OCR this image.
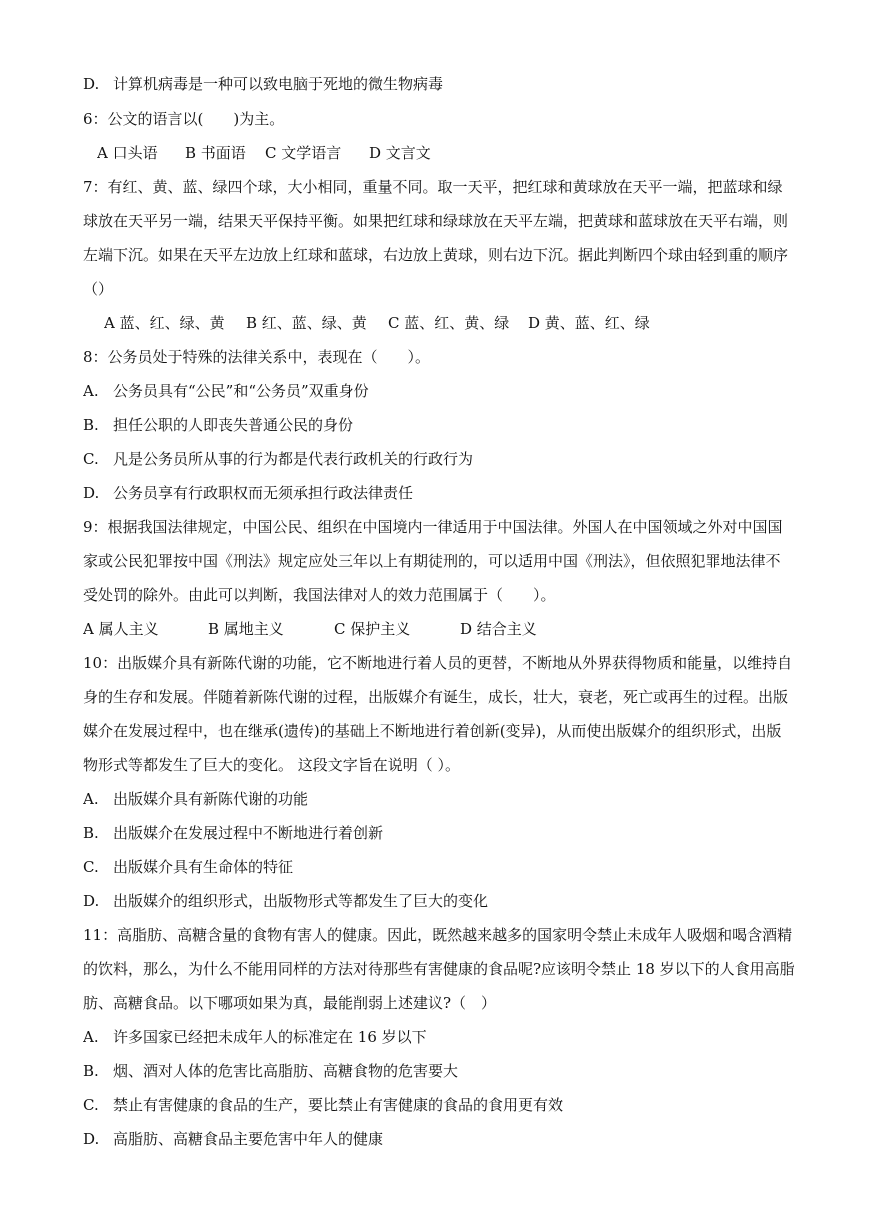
D. 计算机病毒是一种可以致电脑于死地的微生物病毒
6：公文的语言以(　　)为主。
A 口头语 B 书面语 C 文学语言 D 文言文
7：有红、黄、蓝、绿四个球，大小相同，重量不同。取一天平，把红球和黄球放在天平一端，把蓝球和绿
球放在天平另一端，结果天平保持平衡。如果把红球和绿球放在天平左端，把黄球和蓝球放在天平右端，则
左端下沉。如果在天平左边放上红球和蓝球，右边放上黄球，则右边下沉。据此判断四个球由轻到重的顺序
（）
A 蓝、红、绿、黄 B 红、蓝、绿、黄 C 蓝、红、黄、绿 D 黄、蓝、红、绿
8：公务员处于特殊的法律关系中，表现在（　　）。
A. 公务员具有“公民”和“公务员”双重身份
B. 担任公职的人即丧失普通公民的身份
C. 凡是公务员所从事的行为都是代表行政机关的行政行为
D. 公务员享有行政职权而无须承担行政法律责任
9：根据我国法律规定，中国公民、组织在中国境内一律适用于中国法律。外国人在中国领域之外对中国国
家或公民犯罪按中国《刑法》规定应处三年以上有期徒刑的，可以适用中国《刑法》，但依照犯罪地法律不
受处罚的除外。由此可以判断，我国法律对人的效力范围属于（　　）。
A 属人主义	B 属地主义	C 保护主义	D 结合主义
10：出版媒介具有新陈代谢的功能，它不断地进行着人员的更替，不断地从外界获得物质和能量，以维持自
身的生存和发展。伴随着新陈代谢的过程，出版媒介有诞生，成长，壮大，衰老，死亡或再生的过程。出版
媒介在发展过程中，也在继承(遗传)的基础上不断地进行着创新(变异)，从而使出版媒介的组织形式，出版
物形式等都发生了巨大的变化。 这段文字旨在说明（ ）。
A. 出版媒介具有新陈代谢的功能
B. 出版媒介在发展过程中不断地进行着创新
C. 出版媒介具有生命体的特征
D. 出版媒介的组织形式，出版物形式等都发生了巨大的变化
11：高脂肪、高糖含量的食物有害人的健康。因此，既然越来越多的国家明令禁止未成年人吸烟和喝含酒精
的饮料，那么，为什么不能用同样的方法对待那些有害健康的食品呢?应该明令禁止 18 岁以下的人食用高脂
肪、高糖食品。以下哪项如果为真，最能削弱上述建议?（　）
A. 许多国家已经把未成年人的标准定在 16 岁以下
B. 烟、酒对人体的危害比高脂肪、高糖食物的危害要大
C. 禁止有害健康的食品的生产，要比禁止有害健康的食品的食用更有效
D. 高脂肪、高糖食品主要危害中年人的健康
